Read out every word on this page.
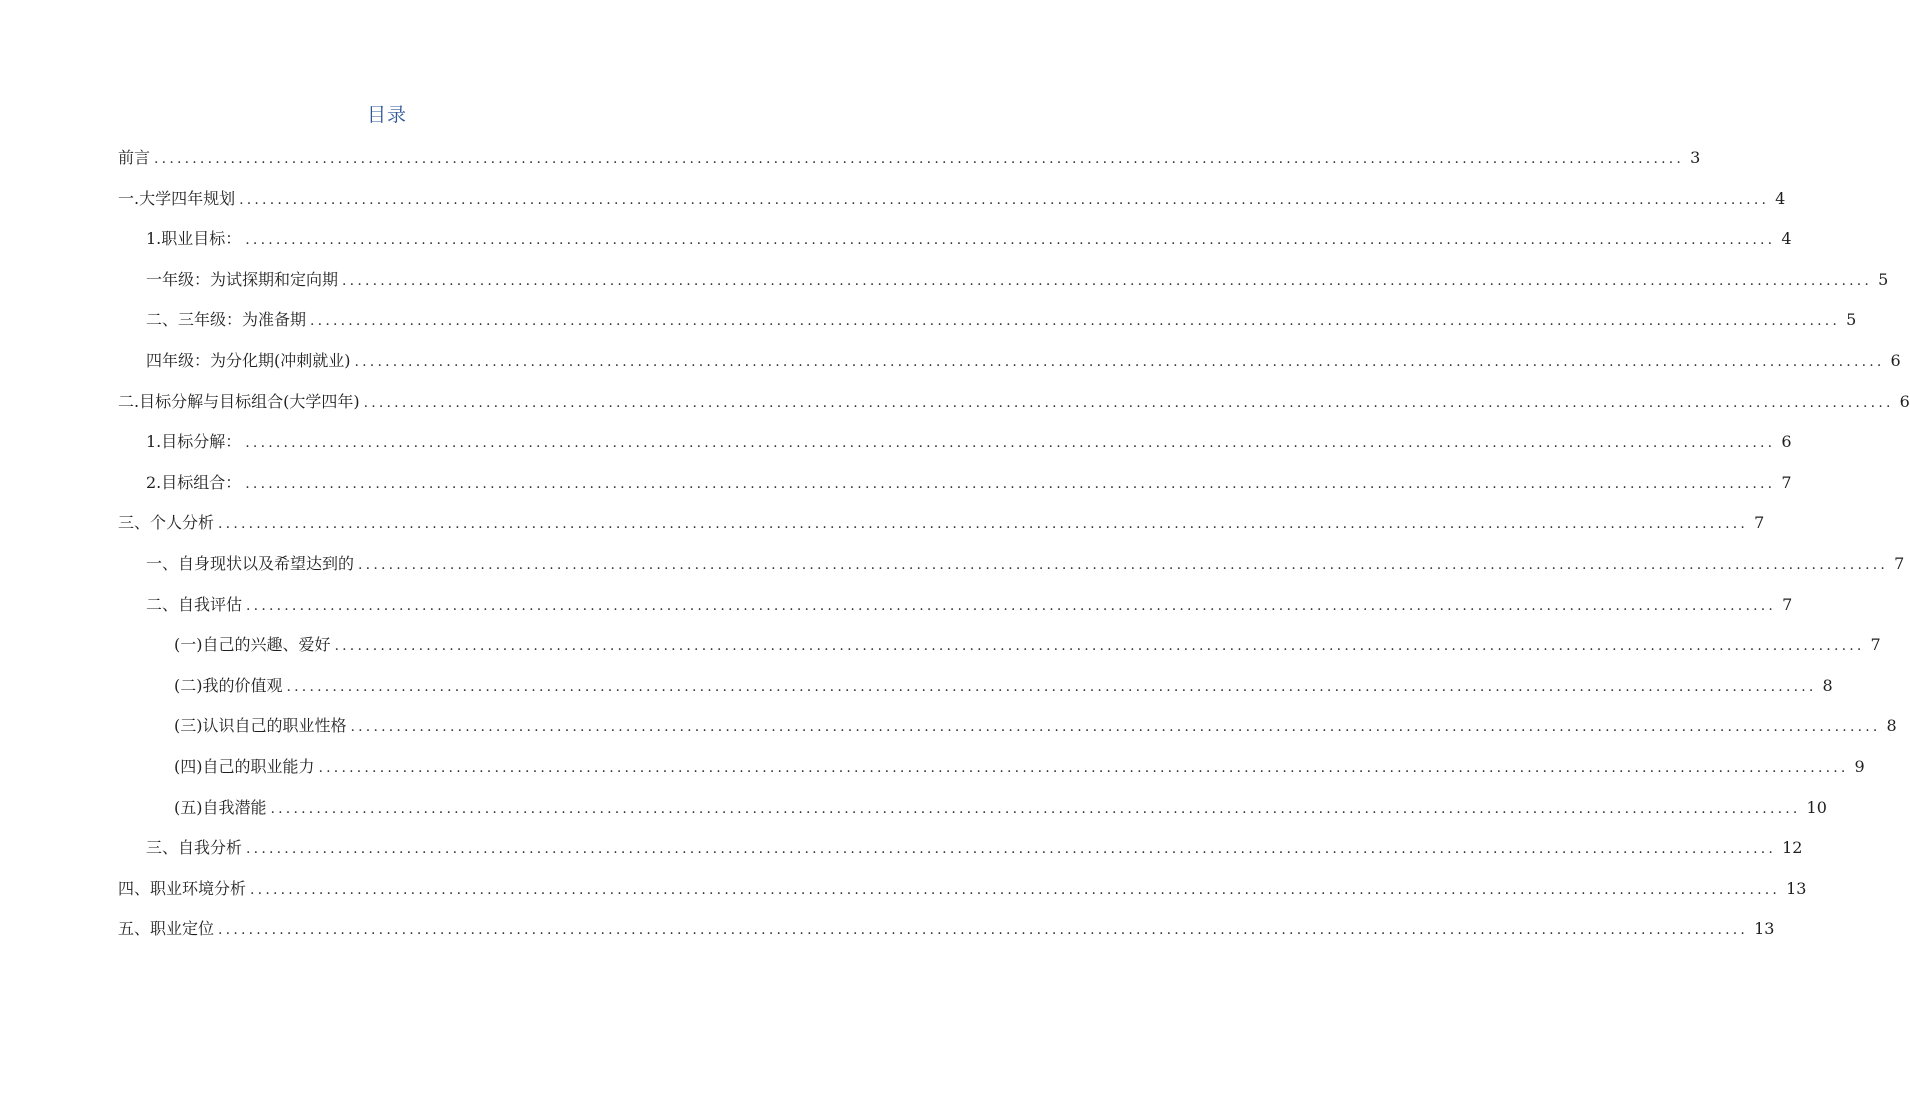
目录
前言 ........................................................................................................................................................................................................ 3
一.大学四年规划 ........................................................................................................................................................................................................ 4
1.职业目标： ........................................................................................................................................................................................................ 4
一年级：为试探期和定向期 ........................................................................................................................................................................................................ 5
二、三年级：为准备期 ........................................................................................................................................................................................................ 5
四年级：为分化期(冲刺就业) ........................................................................................................................................................................................................ 6
二.目标分解与目标组合(大学四年) ........................................................................................................................................................................................................ 6
1.目标分解： ........................................................................................................................................................................................................ 6
2.目标组合： ........................................................................................................................................................................................................ 7
三、个人分析 ........................................................................................................................................................................................................ 7
一、自身现状以及希望达到的 ........................................................................................................................................................................................................ 7
二、自我评估 ........................................................................................................................................................................................................ 7
(一)自己的兴趣、爱好 ........................................................................................................................................................................................................ 7
(二)我的价值观 ........................................................................................................................................................................................................ 8
(三)认识自己的职业性格 ........................................................................................................................................................................................................ 8
(四)自己的职业能力 ........................................................................................................................................................................................................ 9
(五)自我潜能 ........................................................................................................................................................................................................ 10
三、自我分析 ........................................................................................................................................................................................................ 12
四、职业环境分析 ........................................................................................................................................................................................................ 13
五、职业定位 ........................................................................................................................................................................................................ 13
